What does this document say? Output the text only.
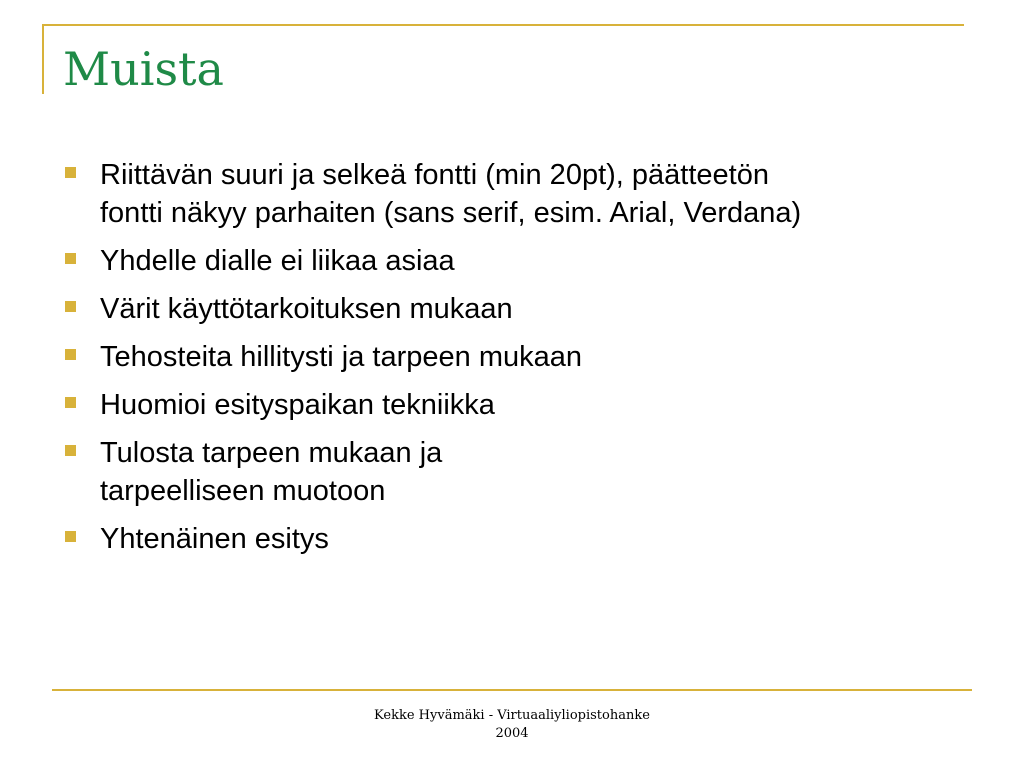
Muista
Riittävän suuri ja selkeä fontti (min 20pt), päätteetön
fontti näkyy parhaiten (sans serif, esim. Arial, Verdana)
Yhdelle dialle ei liikaa asiaa
Värit käyttötarkoituksen mukaan
Tehosteita hillitysti ja tarpeen mukaan
Huomioi esityspaikan tekniikka
Tulosta tarpeen mukaan ja
tarpeelliseen muotoon
Yhtenäinen esitys
Kekke Hyvämäki - Virtuaaliyliopistohanke
2004
